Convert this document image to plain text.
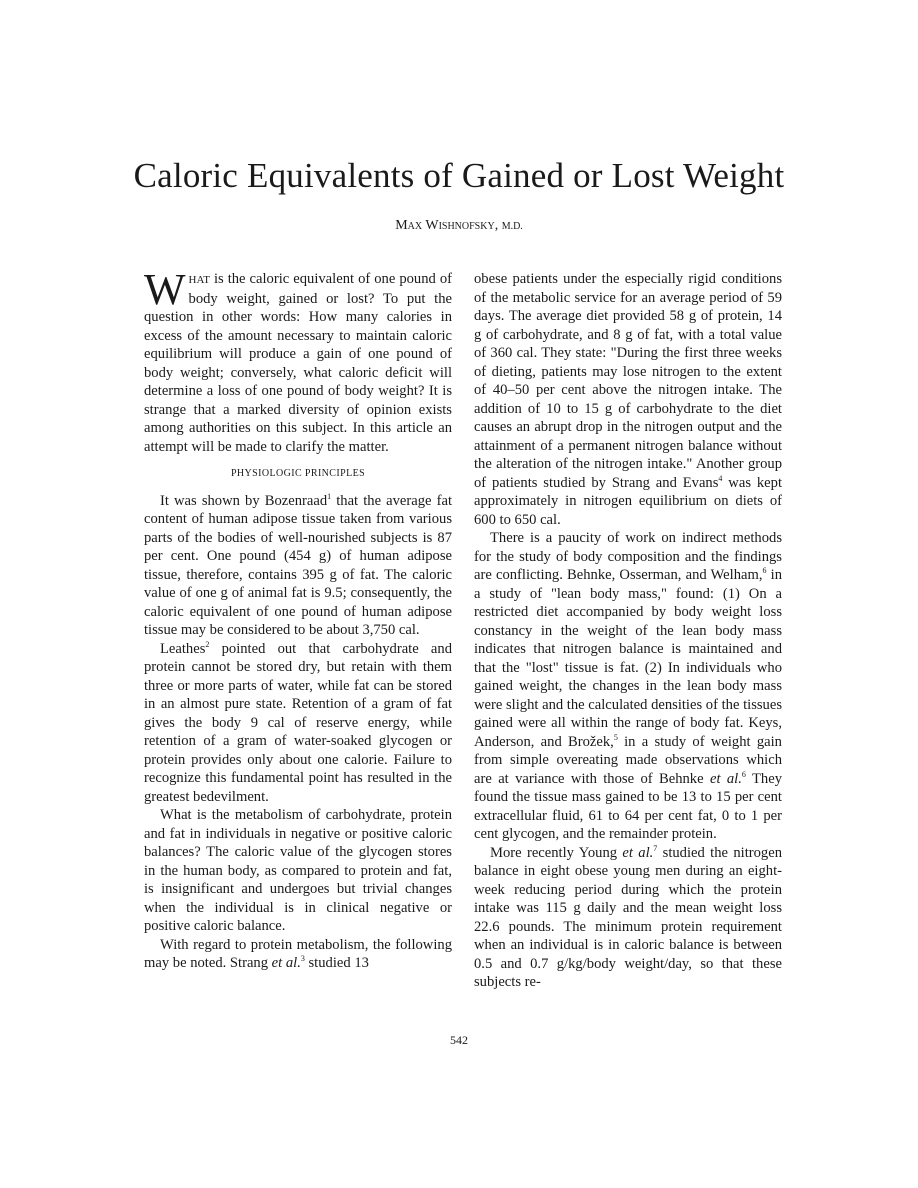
Caloric Equivalents of Gained or Lost Weight
MAX WISHNOFSKY, M.D.

WHAT is the caloric equivalent of one pound of body weight, gained or lost? To put the question in other words: How many calories in excess of the amount necessary to maintain caloric equilibrium will produce a gain of one pound of body weight; conversely, what caloric deficit will determine a loss of one pound of body weight? It is strange that a marked diversity of opinion exists among authorities on this subject. In this article an attempt will be made to clarify the matter.

PHYSIOLOGIC PRINCIPLES

It was shown by Bozenraad$^1$ that the average fat content of human adipose tissue taken from various parts of the bodies of well-nourished subjects is 87 per cent. One pound (454 g) of human adipose tissue, therefore, contains 395 g of fat. The caloric value of one g of animal fat is 9.5; consequently, the caloric equivalent of one pound of human adipose tissue may be considered to be about 3,750 cal.

Leathes$^2$ pointed out that carbohydrate and protein cannot be stored dry, but retain with them three or more parts of water, while fat can be stored in an almost pure state. Retention of a gram of fat gives the body 9 cal of reserve energy, while retention of a gram of water-soaked glycogen or protein provides only about one calorie. Failure to recognize this fundamental point has resulted in the greatest bedevilment.

What is the metabolism of carbohydrate, protein and fat in individuals in negative or positive caloric balances? The caloric value of the glycogen stores in the human body, as compared to protein and fat, is insignificant and undergoes but trivial changes when the individual is in clinical negative or positive caloric balance.

With regard to protein metabolism, the following may be noted. Strang et al.$^3$ studied 13

obese patients under the especially rigid conditions of the metabolic service for an average period of 59 days. The average diet provided 58 g of protein, 14 g of carbohydrate, and 8 g of fat, with a total value of 360 cal. They state: "During the first three weeks of dieting, patients may lose nitrogen to the extent of 40–50 per cent above the nitrogen intake. The addition of 10 to 15 g of carbohydrate to the diet causes an abrupt drop in the nitrogen output and the attainment of a permanent nitrogen balance without the alteration of the nitrogen intake." Another group of patients studied by Strang and Evans$^4$ was kept approximately in nitrogen equilibrium on diets of 600 to 650 cal.

There is a paucity of work on indirect methods for the study of body composition and the findings are conflicting. Behnke, Osserman, and Welham,$^6$ in a study of "lean body mass," found: (1) On a restricted diet accompanied by body weight loss constancy in the weight of the lean body mass indicates that nitrogen balance is maintained and that the "lost" tissue is fat. (2) In individuals who gained weight, the changes in the lean body mass were slight and the calculated densities of the tissues gained were all within the range of body fat. Keys, Anderson, and Brožek,$^5$ in a study of weight gain from simple overeating made observations which are at variance with those of Behnke et al.$^6$ They found the tissue mass gained to be 13 to 15 per cent extracellular fluid, 61 to 64 per cent fat, 0 to 1 per cent glycogen, and the remainder protein.

More recently Young et al.$^7$ studied the nitrogen balance in eight obese young men during an eight-week reducing period during which the protein intake was 115 g daily and the mean weight loss 22.6 pounds. The minimum protein requirement when an individual is in caloric balance is between 0.5 and 0.7 g/kg/body weight/day, so that these subjects re-

542
